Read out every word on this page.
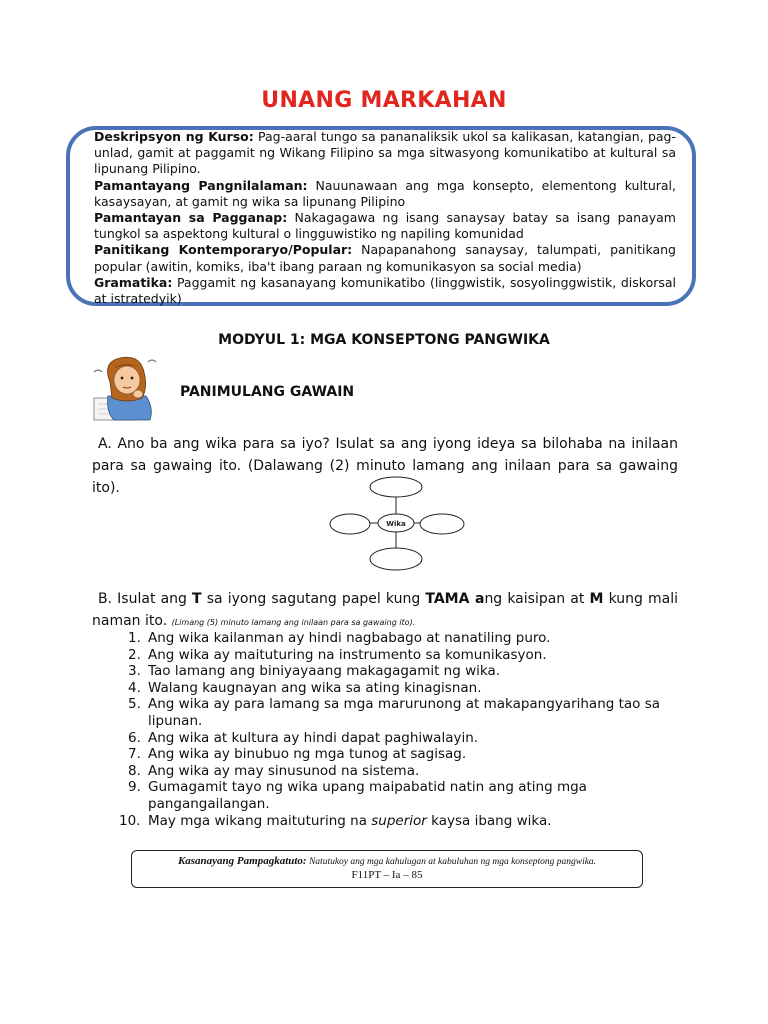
UNANG MARKAHAN

Deskripsyon ng Kurso: Pag-aaral tungo sa pananaliksik ukol sa kalikasan, katangian, pag-unlad, gamit at paggamit ng Wikang Filipino sa mga sitwasyong komunikatibo at kultural sa lipunang Pilipino.

Pamantayang Pangnilalaman: Nauunawaan ang mga konsepto, elementong kultural, kasaysayan, at gamit ng wika sa lipunang Pilipino

Pamantayan sa Pagganap: Nakagagawa ng isang sanaysay batay sa isang panayam tungkol sa aspektong kultural o lingguwistiko ng napiling komunidad

Panitikang Kontemporaryo/Popular: Napapanahong sanaysay, talumpati, panitikang popular (awitin, komiks, iba't ibang paraan ng komunikasyon sa social media)

Gramatika: Paggamit ng kasanayang komunikatibo (linggwistik, sosyolinggwistik, diskorsal at istratedyik)

MODYUL 1: MGA KONSEPTONG PANGWIKA
PANIMULANG GAWAIN

A. Ano ba ang wika para sa iyo? Isulat sa ang iyong ideya sa bilohaba na inilaan para sa gawaing ito. (Dalawang (2) minuto lamang ang inilaan para sa gawaing ito).

Wika

B. Isulat ang T sa iyong sagutang papel kung TAMA ang kaisipan at M kung mali naman ito. (Limang (5) minuto lamang ang inilaan para sa gawaing ito).

1. Ang wika kailanman ay hindi nagbabago at nanatiling puro.
2. Ang wika ay maituturing na instrumento sa komunikasyon.
3. Tao lamang ang biniyayaang makagagamit ng wika.
4. Walang kaugnayan ang wika sa ating kinagisnan.
5. Ang wika ay para lamang sa mga marurunong at makapangyarihang tao sa lipunan.
6. Ang wika at kultura ay hindi dapat paghiwalayin.
7. Ang wika ay binubuo ng mga tunog at sagisag.
8. Ang wika ay may sinusunod na sistema.
9. Gumagamit tayo ng wika upang maipabatid natin ang ating mga pangangailangan.
10. May mga wikang maituturing na superior kaysa ibang wika.
Kasanayang Pampagkatuto: Natutukoy ang mga kahulugan at kabuluhan ng mga konseptong pangwika.
F11PT – Ia – 85
